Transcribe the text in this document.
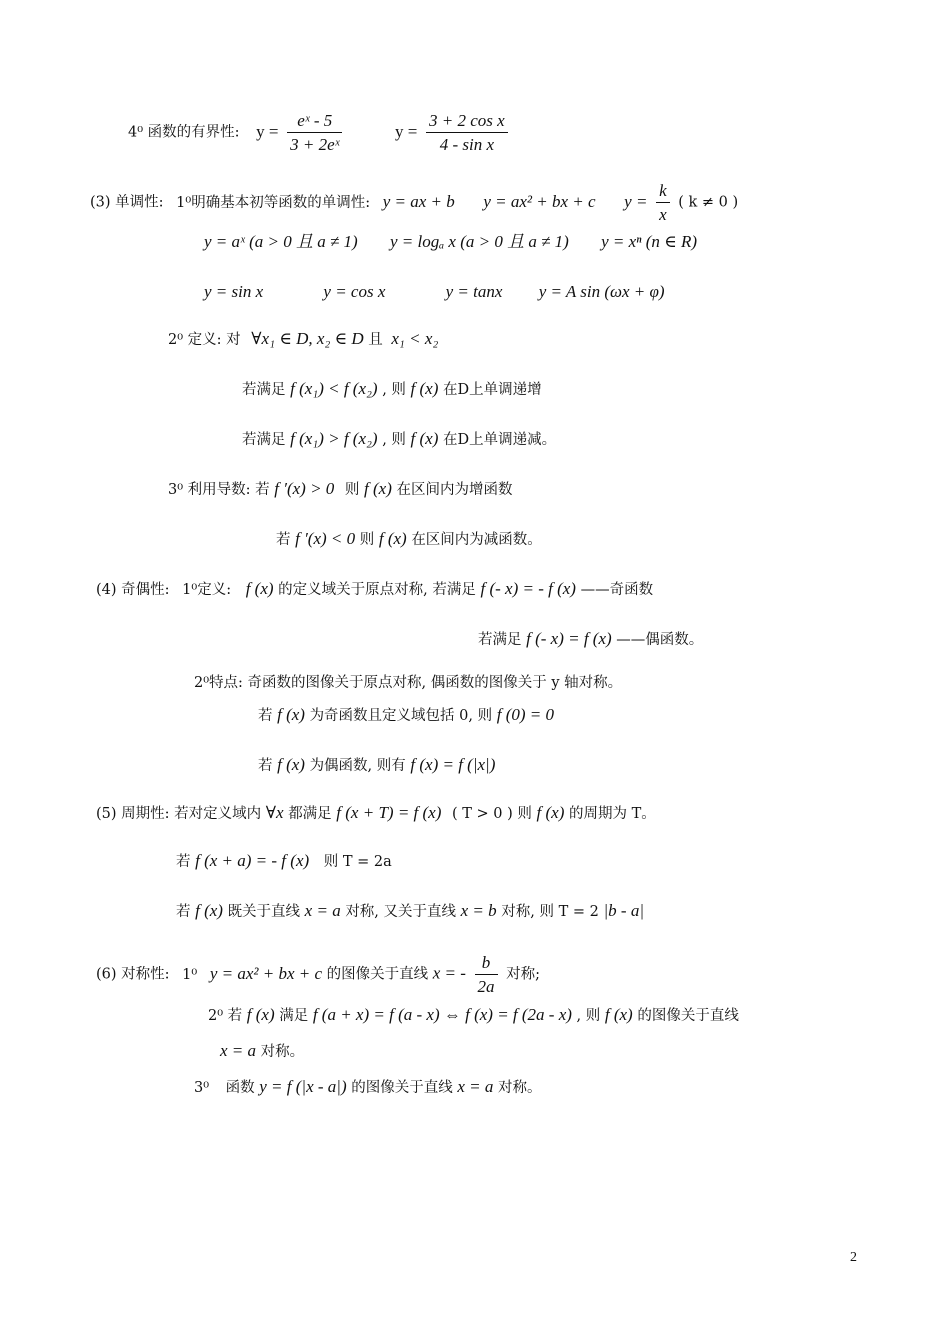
4⁰ 函数的有界性: $y = \frac{\text{eˣ - 5}}{\text{3 + 2eˣ}}$	$y = \frac{\text{3 + 2 cos x}}{\text{4 - sin x}}$
(3) 单调性: 1⁰明确基本初等函数的单调性: y = ax + b y = ax² + bx + c $y = \frac{k}{x}$ ( k ≠ 0 )
y = aˣ (a > 0 且 a ≠ 1) y = logₐ x (a > 0 且 a ≠ 1) y = xⁿ (n ∈ R)
y = sin x	y = cos x	y = tanx y = A sin (ωx + φ)
2⁰ 定义: 对 ∀x₁ ∈ D, x₂ ∈ D 且 x₁ < x₂
若满足 f (x₁) < f (x₂) , 则 f (x) 在D上单调递增
若满足 f (x₁) > f (x₂) , 则 f (x) 在D上单调递减。
3⁰ 利用导数: 若 f ′(x) > 0 则 f (x) 在区间内为增函数
若 f ′(x) < 0 则 f (x) 在区间内为减函数。
(4) 奇偶性: 1⁰定义: f (x) 的定义域关于原点对称, 若满足 f (- x) = - f (x) ——奇函数
若满足 f (- x) = f (x) ——偶函数。
2⁰特点: 奇函数的图像关于原点对称, 偶函数的图像关于 y 轴对称。
若 f (x) 为奇函数且定义域包括 0, 则 f (0) = 0
若 f (x) 为偶函数, 则有 f (x) = f (|x|)
(5) 周期性: 若对定义域内 ∀x 都满足 f (x + T) = f (x) ( T > 0 ) 则 f (x) 的周期为 T。
若 f (x + a) = - f (x) 则 T = 2a
若 f (x) 既关于直线 x = a 对称, 又关于直线 x = b 对称, 则 T = 2 |b - a|
(6) 对称性: 1⁰ y = ax² + bx + c 的图像关于直线 x = - $\frac{b}{2a}$ 对称;
2⁰ 若 f (x) 满足 f (a + x) = f (a - x) ⇔ f (x) = f (2a - x) , 则 f (x) 的图像关于直线
x = a 对称。
3⁰ 函数 y = f (|x - a|) 的图像关于直线 x = a 对称。
2
